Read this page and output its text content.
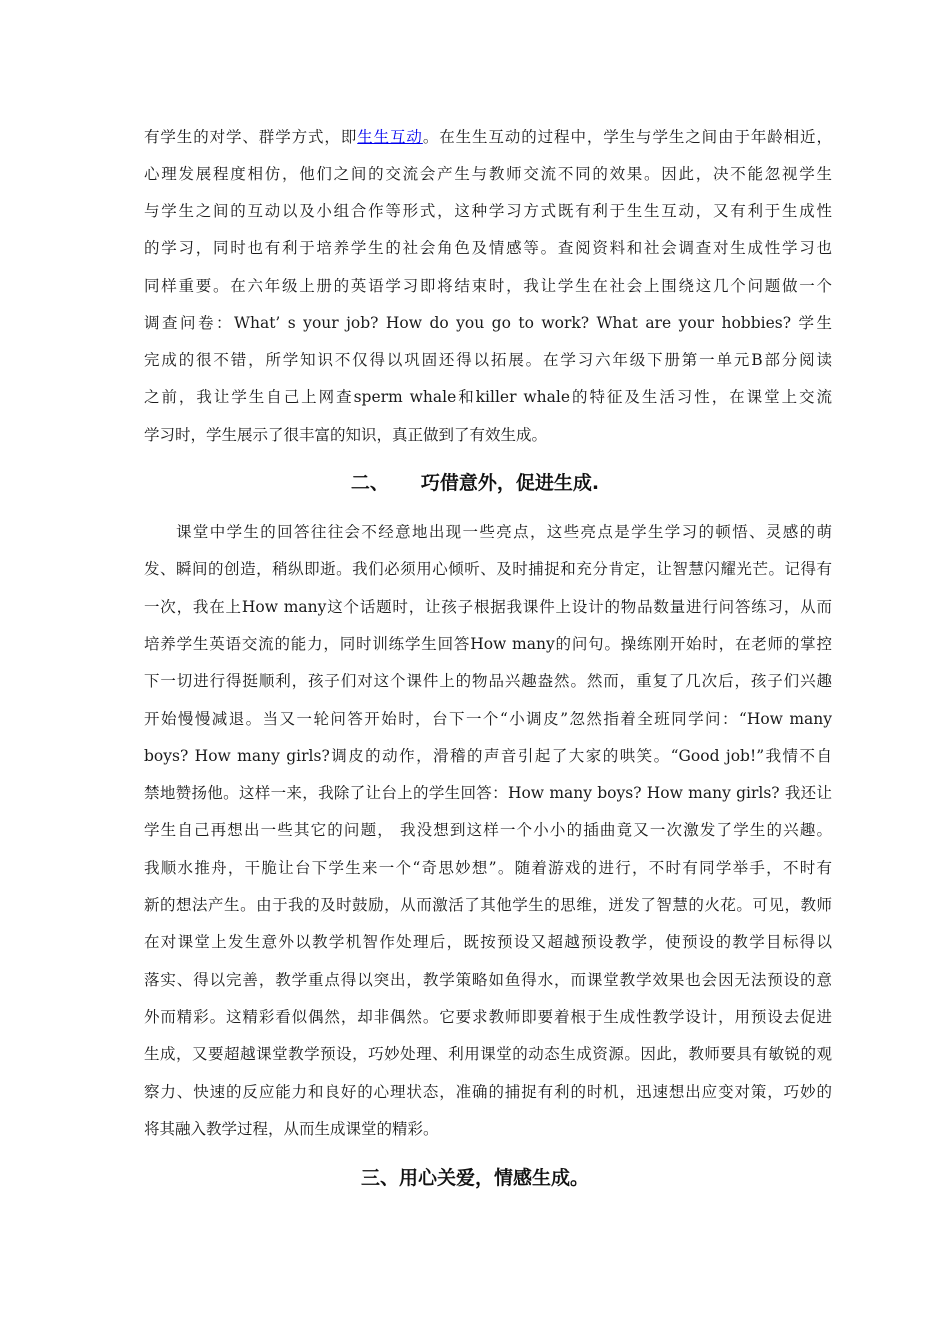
有学生的对学、群学方式，即生生互动。在生生互动的过程中，学生与学生之间由于年龄相近，
心理发展程度相仿，他们之间的交流会产生与教师交流不同的效果。因此，决不能忽视学生
与学生之间的互动以及小组合作等形式，这种学习方式既有利于生生互动，又有利于生成性
的学习，同时也有利于培养学生的社会角色及情感等。查阅资料和社会调查对生成性学习也
同样重要。在六年级上册的英语学习即将结束时，我让学生在社会上围绕这几个问题做一个
调查问卷：What’ s your job? How do you go to work? What are your hobbies? 学生
完成的很不错，所学知识不仅得以巩固还得以拓展。在学习六年级下册第一单元B部分阅读
之前，我让学生自己上网查sperm whale和killer whale的特征及生活习性，在课堂上交流
学习时，学生展示了很丰富的知识，真正做到了有效生成。
二、 巧借意外，促进生成.
课堂中学生的回答往往会不经意地出现一些亮点，这些亮点是学生学习的顿悟、灵感的萌
发、瞬间的创造，稍纵即逝。我们必须用心倾听、及时捕捉和充分肯定，让智慧闪耀光芒。记得有
一次，我在上How many这个话题时，让孩子根据我课件上设计的物品数量进行问答练习，从而
培养学生英语交流的能力，同时训练学生回答How many的问句。操练刚开始时，在老师的掌控
下一切进行得挺顺利，孩子们对这个课件上的物品兴趣盎然。然而，重复了几次后，孩子们兴趣
开始慢慢减退。当又一轮问答开始时，台下一个“小调皮”忽然指着全班同学问：“How many
boys? How many girls?调皮的动作，滑稽的声音引起了大家的哄笑。“Good job!”我情不自
禁地赞扬他。这样一来，我除了让台上的学生回答：How many boys? How many girls? 我还让
学生自己再想出一些其它的问题， 我没想到这样一个小小的插曲竟又一次激发了学生的兴趣。
我顺水推舟，干脆让台下学生来一个“奇思妙想”。随着游戏的进行，不时有同学举手，不时有
新的想法产生。由于我的及时鼓励，从而激活了其他学生的思维，迸发了智慧的火花。可见，教师
在对课堂上发生意外以教学机智作处理后，既按预设又超越预设教学，使预设的教学目标得以
落实、得以完善，教学重点得以突出，教学策略如鱼得水，而课堂教学效果也会因无法预设的意
外而精彩。这精彩看似偶然，却非偶然。它要求教师即要着根于生成性教学设计，用预设去促进
生成，又要超越课堂教学预设，巧妙处理、利用课堂的动态生成资源。因此，教师要具有敏锐的观
察力、快速的反应能力和良好的心理状态，准确的捕捉有利的时机，迅速想出应变对策，巧妙的
将其融入教学过程，从而生成课堂的精彩。
三、用心关爱，情感生成。
